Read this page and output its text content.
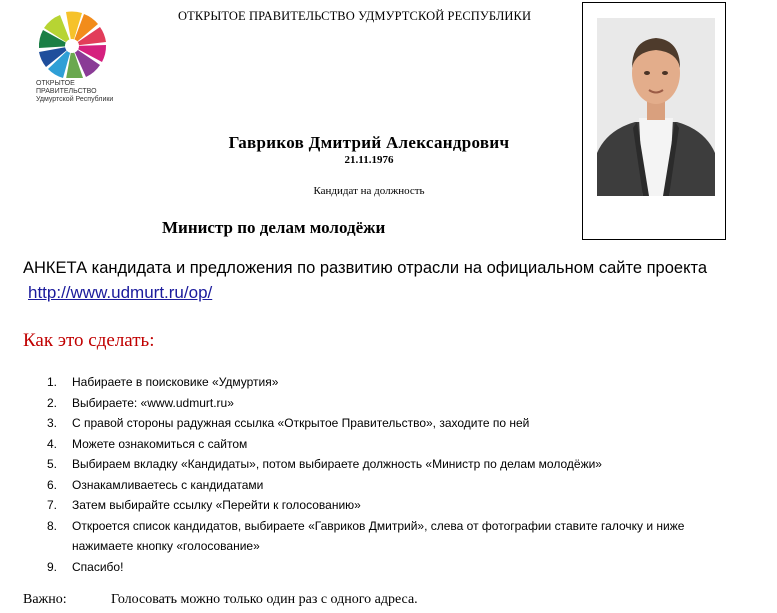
ОТКРЫТОЕ
ПРАВИТЕЛЬСТВО
Удмуртской Республики
ОТКРЫТОЕ ПРАВИТЕЛЬСТВО УДМУРТСКОЙ РЕСПУБЛИКИ
Гавриков Дмитрий Александрович
21.11.1976
Кандидат на должность
Министр по делам молодёжи
АНКЕТА кандидата и предложения по развитию отрасли на официальном сайте проекта
http://www.udmurt.ru/op/
Как это сделать:
1. Набираете в поисковике «Удмуртия»
2. Выбираете: «www.udmurt.ru»
3. С правой стороны радужная ссылка «Открытое Правительство», заходите по ней
4. Можете ознакомиться с сайтом
5. Выбираем вкладку «Кандидаты», потом выбираете должность «Министр по делам молодёжи»
6. Ознакамливаетесь с кандидатами
7. Затем выбирайте ссылку «Перейти к голосованию»
8. Откроется список кандидатов, выбираете «Гавриков Дмитрий», слева от фотографии ставите галочку и ниже нажимаете кнопку «голосование»
9. Спасибо!
Важно:	Голосовать можно только один раз с одного адреса.
